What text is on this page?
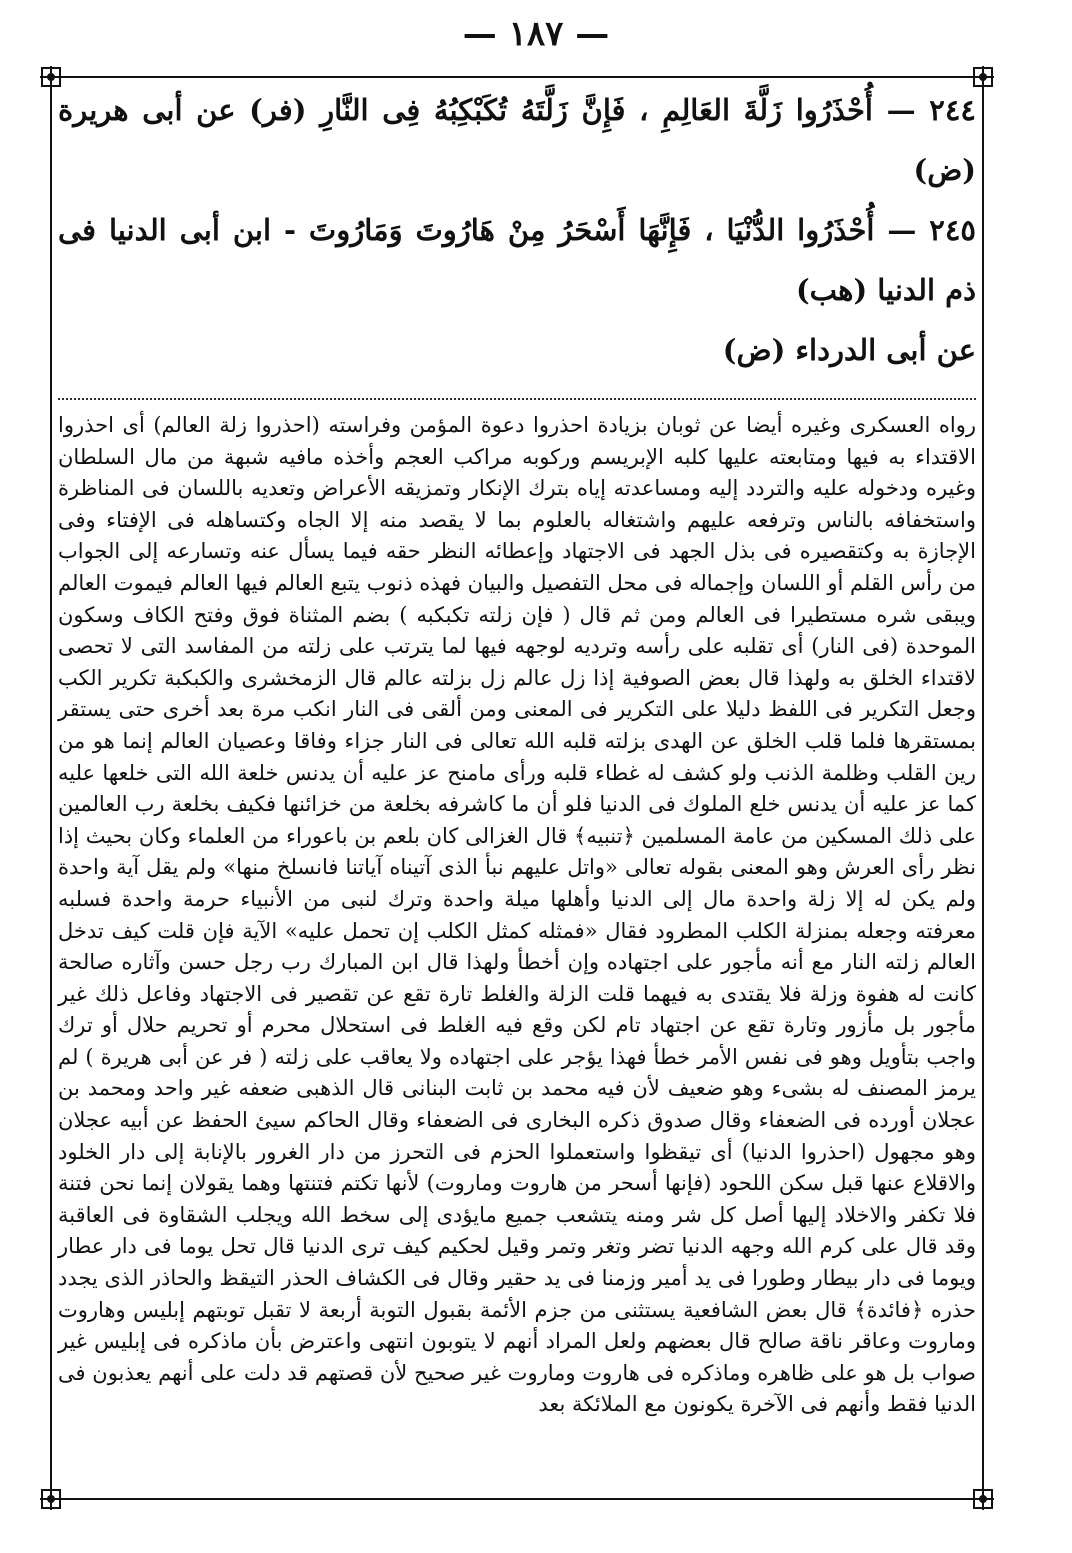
— ١٨٧ —

٢٤٤ — أُحْذَرُوا زَلَّةَ العَالِمِ ، فَإِنَّ زَلَّتَهُ تُكَبْكِبُهُ فِى النَّارِ (فر) عن أبى هريرة (ض)

٢٤٥ — أُحْذَرُوا الدُّنْيَا ، فَإِنَّهَا أَسْحَرُ مِنْ هَارُوتَ وَمَارُوتَ - ابن أبى الدنيا فى ذم الدنيا (هب)

عن أبى الدرداء (ض)

رواه العسكرى وغيره أيضا عن ثوبان بزيادة احذروا دعوة المؤمن وفراسته (احذروا زلة العالم) أى احذروا الاقتداء به فيها ومتابعته عليها كلبه الإبريسم وركوبه مراكب العجم وأخذه مافيه شبهة من مال السلطان وغيره ودخوله عليه والتردد إليه ومساعدته إياه بترك الإنكار وتمزيقه الأعراض وتعديه باللسان فى المناظرة واستخفافه بالناس وترفعه عليهم واشتغاله بالعلوم بما لا يقصد منه إلا الجاه وكتساهله فى الإفتاء وفى الإجازة به وكتقصيره فى بذل الجهد فى الاجتهاد وإعطائه النظر حقه فيما يسأل عنه وتسارعه إلى الجواب من رأس القلم أو اللسان وإجماله فى محل التفصيل والبيان فهذه ذنوب يتبع العالم فيها العالم فيموت العالم ويبقى شره مستطيرا فى العالم ومن ثم قال ( فإن زلته تكبكبه ) بضم المثناة فوق وفتح الكاف وسكون الموحدة (فى النار) أى تقلبه على رأسه وترديه لوجهه فيها لما يترتب على زلته من المفاسد التى لا تحصى لاقتداء الخلق به ولهذا قال بعض الصوفية إذا زل عالم زل بزلته عالم قال الزمخشرى والكبكبة تكرير الكب وجعل التكرير فى اللفظ دليلا على التكرير فى المعنى ومن ألقى فى النار انكب مرة بعد أخرى حتى يستقر بمستقرها فلما قلب الخلق عن الهدى بزلته قلبه الله تعالى فى النار جزاء وفاقا وعصيان العالم إنما هو من رين القلب وظلمة الذنب ولو كشف له غطاء قلبه ورأى مامنح عز عليه أن يدنس خلعة الله التى خلعها عليه كما عز عليه أن يدنس خلع الملوك فى الدنيا فلو أن ما كاشرفه بخلعة من خزائنها فكيف بخلعة رب العالمين على ذلك المسكين من عامة المسلمين ﴿تنبيه﴾ قال الغزالى كان بلعم بن باعوراء من العلماء وكان بحيث إذا نظر رأى العرش وهو المعنى بقوله تعالى «واتل عليهم نبأ الذى آتيناه آياتنا فانسلخ منها» ولم يقل آية واحدة ولم يكن له إلا زلة واحدة مال إلى الدنيا وأهلها ميلة واحدة وترك لنبى من الأنبياء حرمة واحدة فسلبه معرفته وجعله بمنزلة الكلب المطرود فقال «فمثله كمثل الكلب إن تحمل عليه» الآية فإن قلت كيف تدخل العالم زلته النار مع أنه مأجور على اجتهاده وإن أخطأ ولهذا قال ابن المبارك رب رجل حسن وآثاره صالحة كانت له هفوة وزلة فلا يقتدى به فيهما قلت الزلة والغلط تارة تقع عن تقصير فى الاجتهاد وفاعل ذلك غير مأجور بل مأزور وتارة تقع عن اجتهاد تام لكن وقع فيه الغلط فى استحلال محرم أو تحريم حلال أو ترك واجب بتأويل وهو فى نفس الأمر خطأ فهذا يؤجر على اجتهاده ولا يعاقب على زلته ( فر عن أبى هريرة ) لم يرمز المصنف له بشىء وهو ضعيف لأن فيه محمد بن ثابت البنانى قال الذهبى ضعفه غير واحد ومحمد بن عجلان أورده فى الضعفاء وقال صدوق ذكره البخارى فى الضعفاء وقال الحاكم سيئ الحفظ عن أبيه عجلان وهو مجهول (احذروا الدنيا) أى تيقظوا واستعملوا الحزم فى التحرز من دار الغرور بالإنابة إلى دار الخلود والاقلاع عنها قبل سكن اللحود (فإنها أسحر من هاروت وماروت) لأنها تكتم فتنتها وهما يقولان إنما نحن فتنة فلا تكفر والاخلاد إليها أصل كل شر ومنه يتشعب جميع مايؤدى إلى سخط الله ويجلب الشقاوة فى العاقبة وقد قال على كرم الله وجهه الدنيا تضر وتغر وتمر وقيل لحكيم كيف ترى الدنيا قال تحل يوما فى دار عطار ويوما فى دار بيطار وطورا فى يد أمير وزمنا فى يد حقير وقال فى الكشاف الحذر التيقظ والحاذر الذى يجدد حذره ﴿فائدة﴾ قال بعض الشافعية يستثنى من جزم الأئمة بقبول التوبة أربعة لا تقبل توبتهم إبليس وهاروت وماروت وعاقر ناقة صالح قال بعضهم ولعل المراد أنهم لا يتوبون انتهى واعترض بأن ماذكره فى إبليس غير صواب بل هو على ظاهره وماذكره فى هاروت وماروت غير صحيح لأن قصتهم قد دلت على أنهم يعذبون فى الدنيا فقط وأنهم فى الآخرة يكونون مع الملائكة بعد
